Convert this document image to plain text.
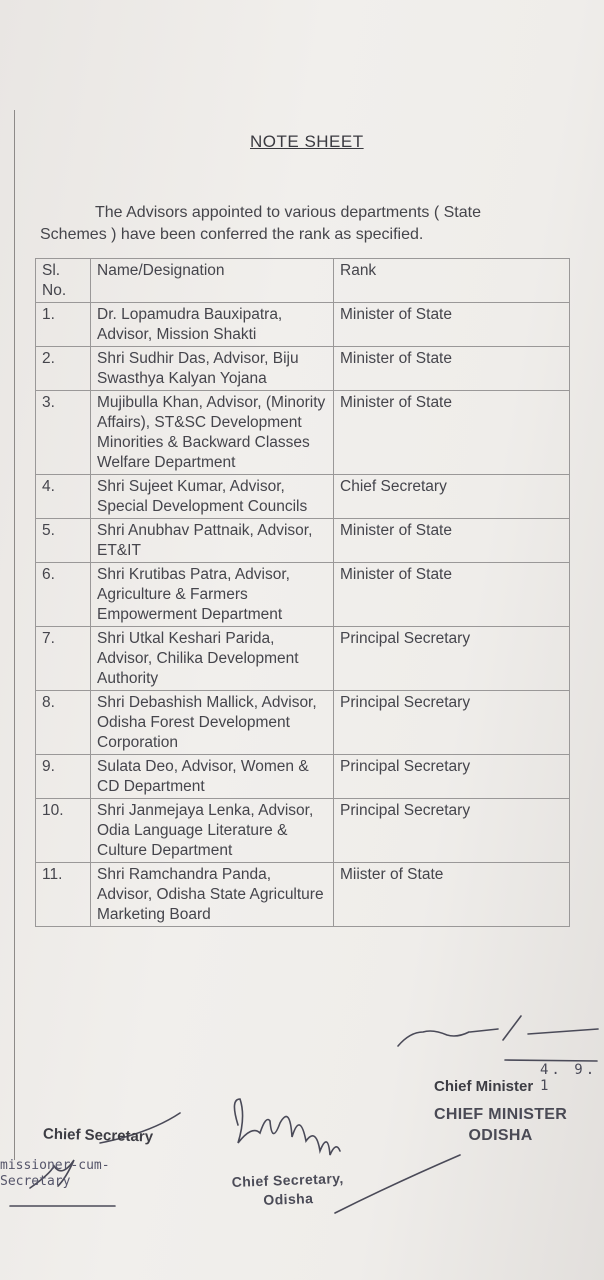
NOTE SHEET
The Advisors appointed to various departments ( State
Schemes ) have been conferred the rank as specified.
Sl. No.	Name/Designation	Rank
1.	Dr. Lopamudra Bauxipatra, Advisor, Mission Shakti	Minister of State
2.	Shri Sudhir Das, Advisor, Biju Swasthya Kalyan Yojana	Minister of State
3.	Mujibulla Khan, Advisor, (Minority Affairs), ST&SC Development Minorities & Backward Classes Welfare Department	Minister of State
4.	Shri Sujeet Kumar, Advisor, Special Development Councils	Chief Secretary
5.	Shri Anubhav Pattnaik, Advisor, ET&IT	Minister of State
6.	Shri Krutibas Patra, Advisor, Agriculture & Farmers Empowerment Department	Minister of State
7.	Shri Utkal Keshari Parida, Advisor, Chilika Development Authority	Principal Secretary
8.	Shri Debashish Mallick, Advisor, Odisha Forest Development Corporation	Principal Secretary
9.	Sulata Deo, Advisor, Women & CD Department	Principal Secretary
10.	Shri Janmejaya Lenka, Advisor, Odia Language Literature & Culture Department	Principal Secretary
11.	Shri Ramchandra Panda, Advisor, Odisha State Agriculture Marketing Board	Miister of State
4. 9. 1
Chief Minister
CHIEF MINISTER
ODISHA
Chief Secretary
missioner-cum-
Secretary	Chief Secretary,
Odisha
